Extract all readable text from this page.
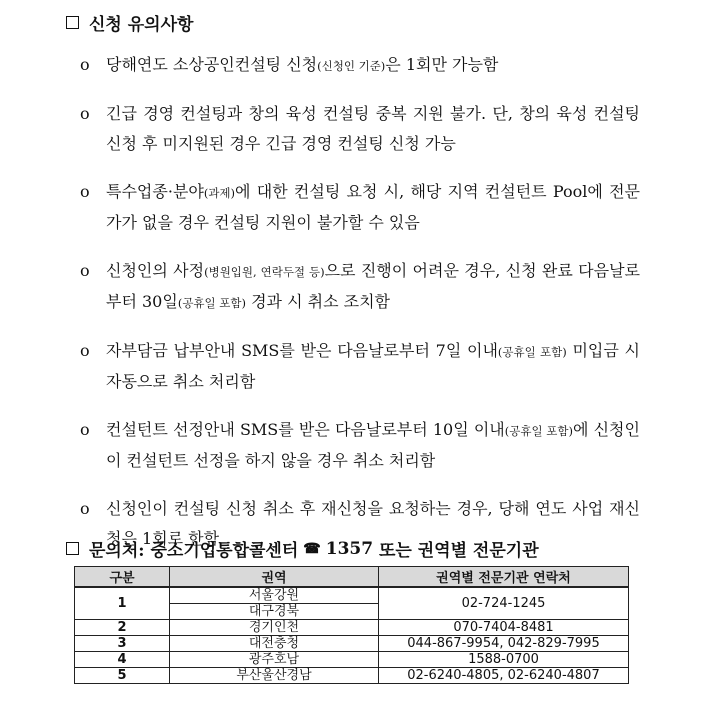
신청 유의사항
o	당해연도 소상공인컨설팅 신청(신청인 기준)은 1회만 가능함
o	긴급 경영 컨설팅과 창의 육성 컨설팅 중복 지원 불가. 단, 창의 육성 컨설팅 신청 후 미지원된 경우 긴급 경영 컨설팅 신청 가능
o	특수업종·분야(과제)에 대한 컨설팅 요청 시, 해당 지역 컨설턴트 Pool에 전문가가 없을 경우 컨설팅 지원이 불가할 수 있음
o	신청인의 사정(병원입원, 연락두절 등)으로 진행이 어려운 경우, 신청 완료 다음날로부터 30일(공휴일 포함) 경과 시 취소 조치함
o	자부담금 납부안내 SMS를 받은 다음날로부터 7일 이내(공휴일 포함) 미입금 시 자동으로 취소 처리함
o	컨설턴트 선정안내 SMS를 받은 다음날로부터 10일 이내(공휴일 포함)에 신청인이 컨설턴트 선정을 하지 않을 경우 취소 처리함
o	신청인이 컨설팅 신청 취소 후 재신청을 요청하는 경우, 당해 연도 사업 재신청은 1회로 한함
문의처:
중소기업통합콜센터 ☎ 1357
또는 권역별 전문기관
구분	권역	권역별 전문기관 연락처
1	서울강원	02-724-1245
	대구경북	
2	경기인천	070-7404-8481
3	대전충청	044-867-9954, 042-829-7995
4	광주호남	1588-0700
5	부산울산경남	02-6240-4805, 02-6240-4807
